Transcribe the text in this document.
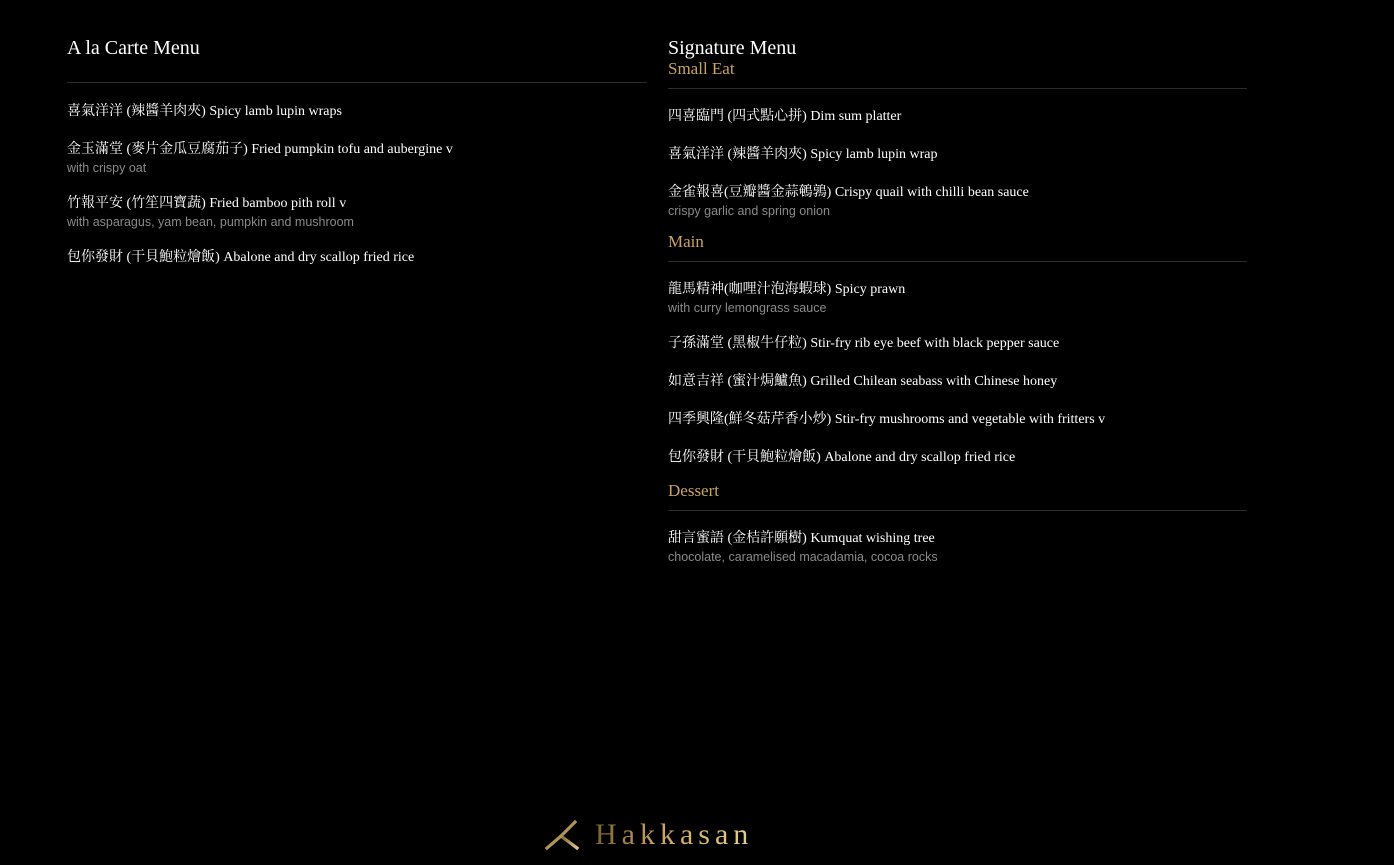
A la Carte Menu
喜氣洋洋 (辣醬羊肉夾) Spicy lamb lupin wraps
金玉滿堂 (麥片金瓜豆腐茄子) Fried pumpkin tofu and aubergine v
with crispy oat
竹報平安 (竹笙四寶蔬) Fried bamboo pith roll v
with asparagus, yam bean, pumpkin and mushroom
包你發財 (干貝鮑粒燴飯) Abalone and dry scallop fried rice
Signature Menu
Small Eat
四喜臨門 (四式點心拼) Dim sum platter
喜氣洋洋 (辣醬羊肉夾) Spicy lamb lupin wrap
金雀報喜(豆瓣醬金蒜鵪鶉) Crispy quail with chilli bean sauce
crispy garlic and spring onion
Main
龍馬精神(咖哩汁泡海蝦球) Spicy prawn
with curry lemongrass sauce
子孫滿堂 (黑椒牛仔粒) Stir-fry rib eye beef with black pepper sauce
如意吉祥 (蜜汁焗鱸魚) Grilled Chilean seabass with Chinese honey
四季興隆(鮮冬菇芹香小炒) Stir-fry mushrooms and vegetable with fritters v
包你發財 (干貝鮑粒燴飯) Abalone and dry scallop fried rice
Dessert
甜言蜜語 (金桔許願樹) Kumquat wishing tree
chocolate, caramelised macadamia, cocoa rocks
Hakkasan
